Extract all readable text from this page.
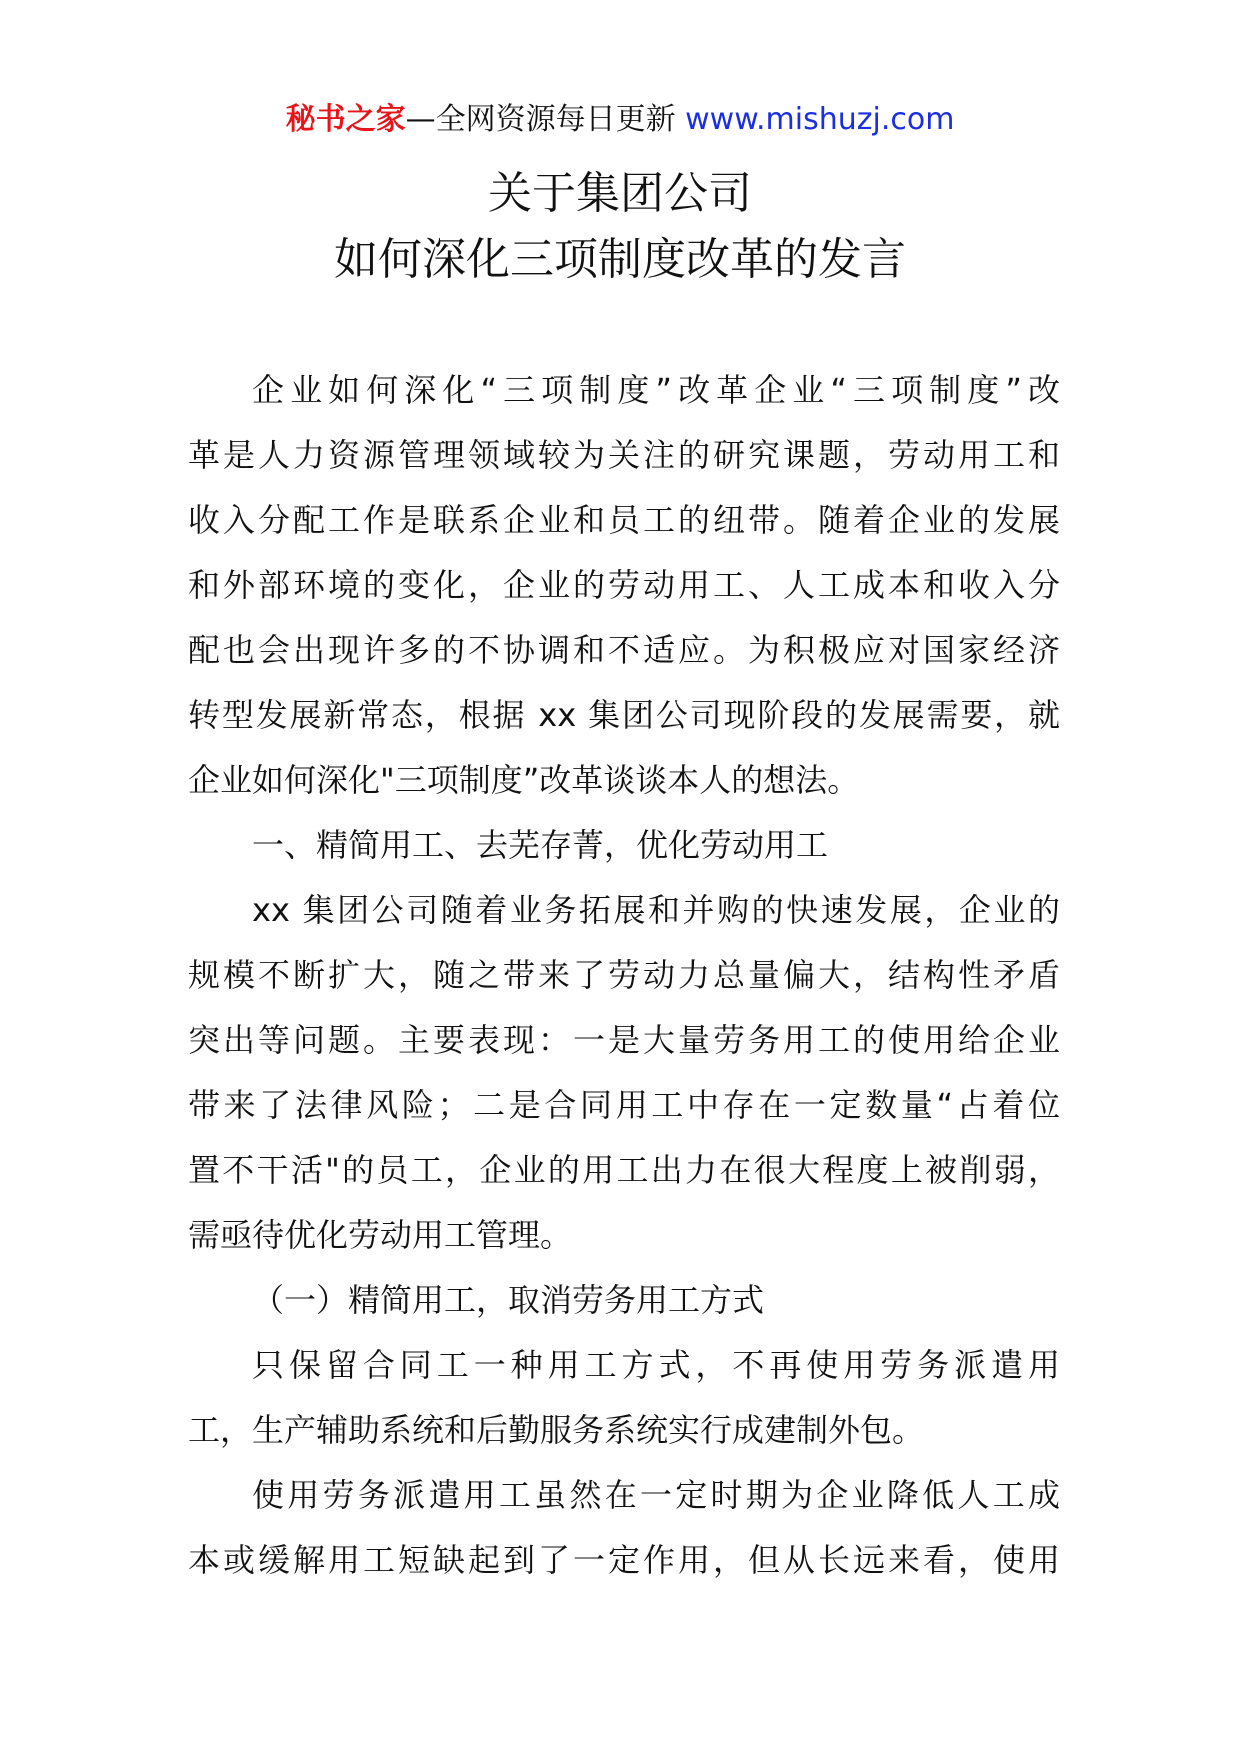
秘书之家—全网资源每日更新 www.mishuzj.com
关于集团公司
如何深化三项制度改革的发言
企业如何深化“三项制度”改革企业“三项制度”改
革是人力资源管理领域较为关注的研究课题，劳动用工和
收入分配工作是联系企业和员工的纽带。随着企业的发展
和外部环境的变化，企业的劳动用工、人工成本和收入分
配也会出现许多的不协调和不适应。为积极应对国家经济
转型发展新常态，根据 xx 集团公司现阶段的发展需要，就
企业如何深化"三项制度”改革谈谈本人的想法。
一、精简用工、去芜存菁，优化劳动用工
xx 集团公司随着业务拓展和并购的快速发展，企业的
规模不断扩大，随之带来了劳动力总量偏大，结构性矛盾
突出等问题。主要表现：一是大量劳务用工的使用给企业
带来了法律风险；二是合同用工中存在一定数量“占着位
置不干活"的员工，企业的用工出力在很大程度上被削弱，
需亟待优化劳动用工管理。
（一）精简用工，取消劳务用工方式
只保留合同工一种用工方式，不再使用劳务派遣用
工，生产辅助系统和后勤服务系统实行成建制外包。
使用劳务派遣用工虽然在一定时期为企业降低人工成
本或缓解用工短缺起到了一定作用，但从长远来看，使用
